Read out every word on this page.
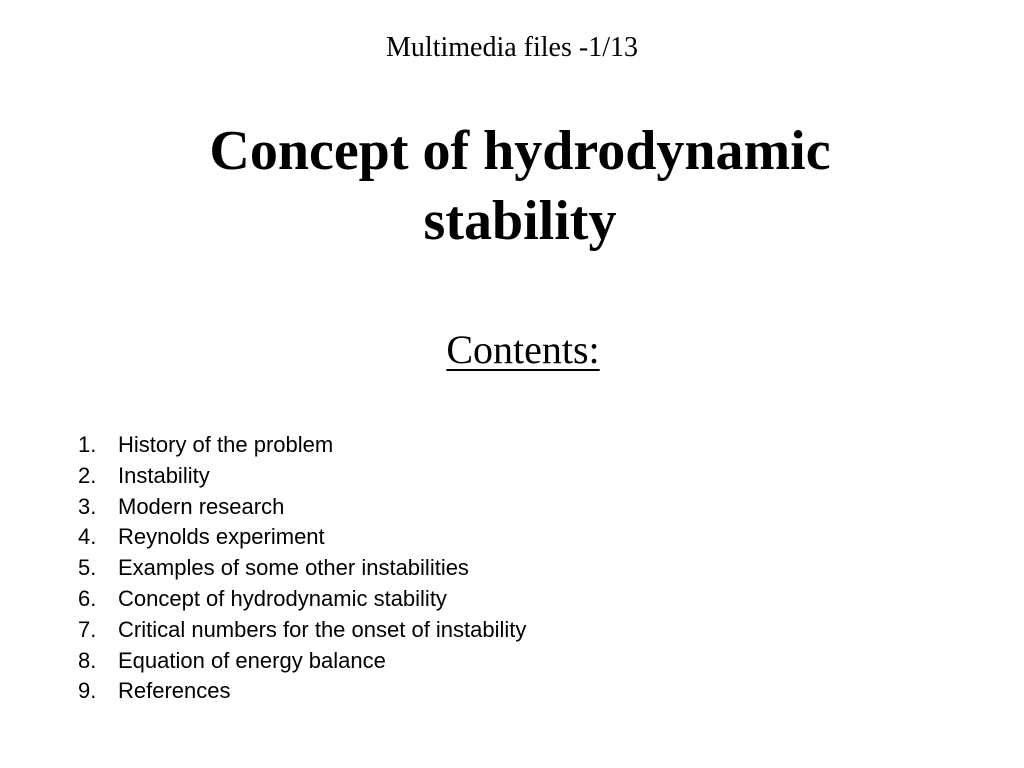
Multimedia files -1/13
Concept of hydrodynamic
stability
Contents:
1. History of the problem
2. Instability
3. Modern research
4. Reynolds experiment
5. Examples of some other instabilities
6. Concept of hydrodynamic stability
7. Critical numbers for the onset of instability
8. Equation of energy balance
9. References
